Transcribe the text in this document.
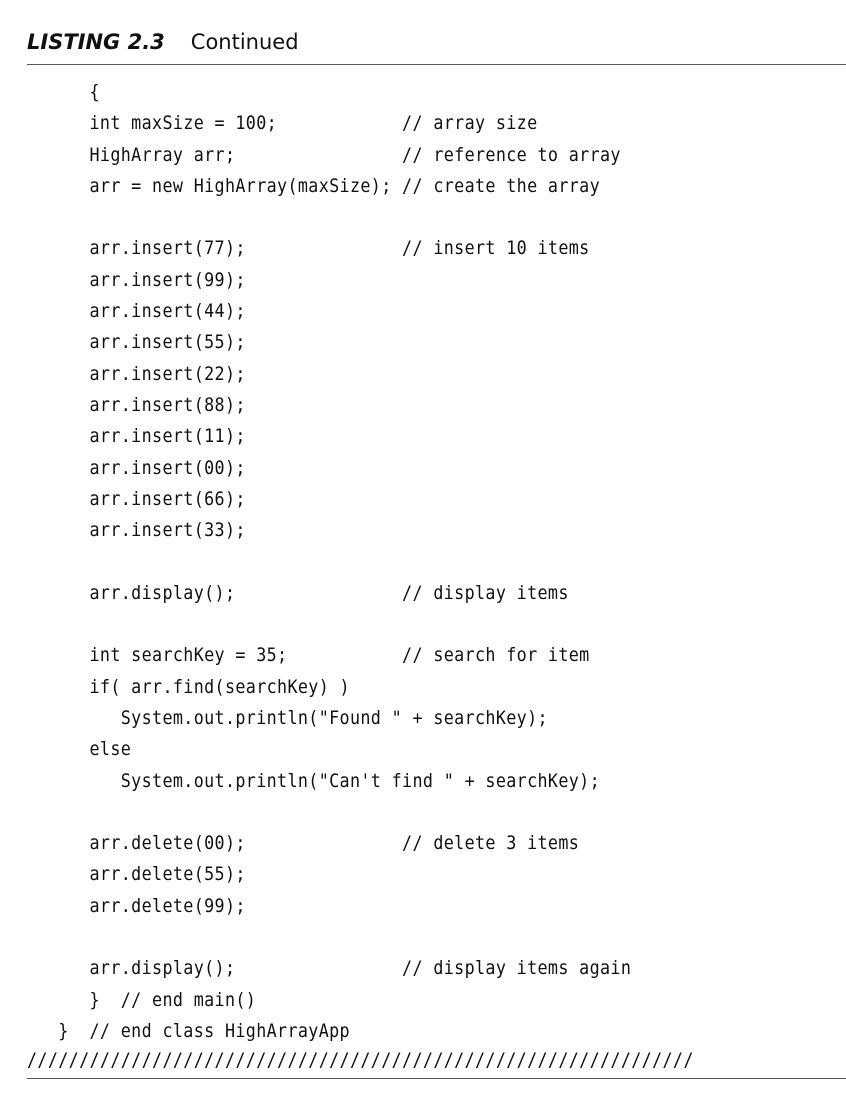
LISTING 2.3 Continued
{
int maxSize = 100;            // array size
HighArray arr;                // reference to array
arr = new HighArray(maxSize); // create the array
arr.insert(77);               // insert 10 items
arr.insert(99);
arr.insert(44);
arr.insert(55);
arr.insert(22);
arr.insert(88);
arr.insert(11);
arr.insert(00);
arr.insert(66);
arr.insert(33);
arr.display();                // display items
int searchKey = 35;           // search for item
if( arr.find(searchKey) )
System.out.println("Found " + searchKey);
else
System.out.println("Can't find " + searchKey);
arr.delete(00);               // delete 3 items
arr.delete(55);
arr.delete(99);
arr.display();                // display items again
}  // end main()
}  // end class HighArrayApp
////////////////////////////////////////////////////////////////
